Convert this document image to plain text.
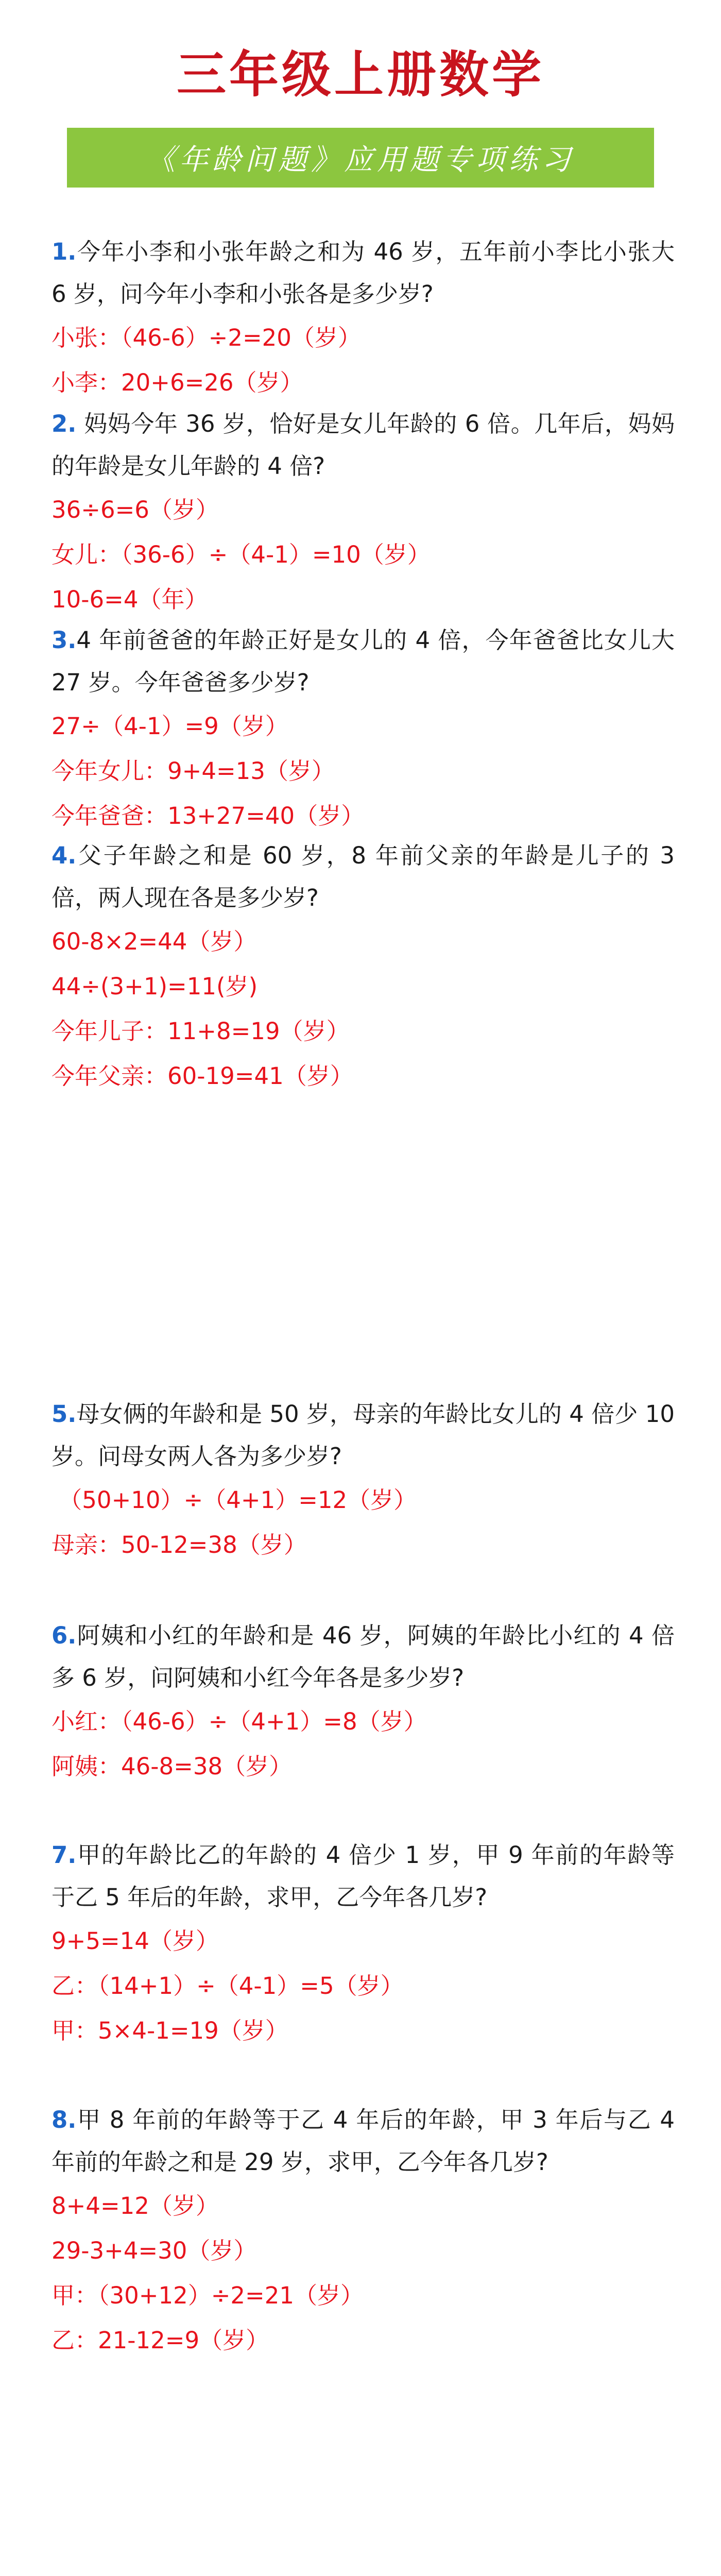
三年级上册数学
《年龄问题》应用题专项练习

1.今年小李和小张年龄之和为 46 岁，五年前小李比小张大 6 岁，问今年小李和小张各是多少岁?

小张：（46-6）÷2=20（岁）

小李：20+6=26（岁）

2. 妈妈今年 36 岁，恰好是女儿年龄的 6 倍。几年后，妈妈的年龄是女儿年龄的 4 倍?

36÷6=6（岁）

女儿：（36-6）÷（4-1）=10（岁）

10-6=4（年）

3.4 年前爸爸的年龄正好是女儿的 4 倍，今年爸爸比女儿大 27 岁。今年爸爸多少岁?

27÷（4-1）=9（岁）

今年女儿：9+4=13（岁）

今年爸爸：13+27=40（岁）

4.父子年龄之和是 60 岁，8 年前父亲的年龄是儿子的 3 倍，两人现在各是多少岁?

60-8×2=44（岁）

44÷(3+1)=11(岁)

今年儿子：11+8=19（岁）

今年父亲：60-19=41（岁）

5.母女俩的年龄和是 50 岁，母亲的年龄比女儿的 4 倍少 10 岁。问母女两人各为多少岁?

（50+10）÷（4+1）=12（岁）

母亲：50-12=38（岁）

6.阿姨和小红的年龄和是 46 岁，阿姨的年龄比小红的 4 倍多 6 岁，问阿姨和小红今年各是多少岁?

小红：（46-6）÷（4+1）=8（岁）

阿姨：46-8=38（岁）

7.甲的年龄比乙的年龄的 4 倍少 1 岁，甲 9 年前的年龄等于乙 5 年后的年龄，求甲，乙今年各几岁?

9+5=14（岁）

乙：（14+1）÷（4-1）=5（岁）

甲：5×4-1=19（岁）

8.甲 8 年前的年龄等于乙 4 年后的年龄，甲 3 年后与乙 4 年前的年龄之和是 29 岁，求甲，乙今年各几岁?

8+4=12（岁）

29-3+4=30（岁）

甲：（30+12）÷2=21（岁）

乙：21-12=9（岁）
